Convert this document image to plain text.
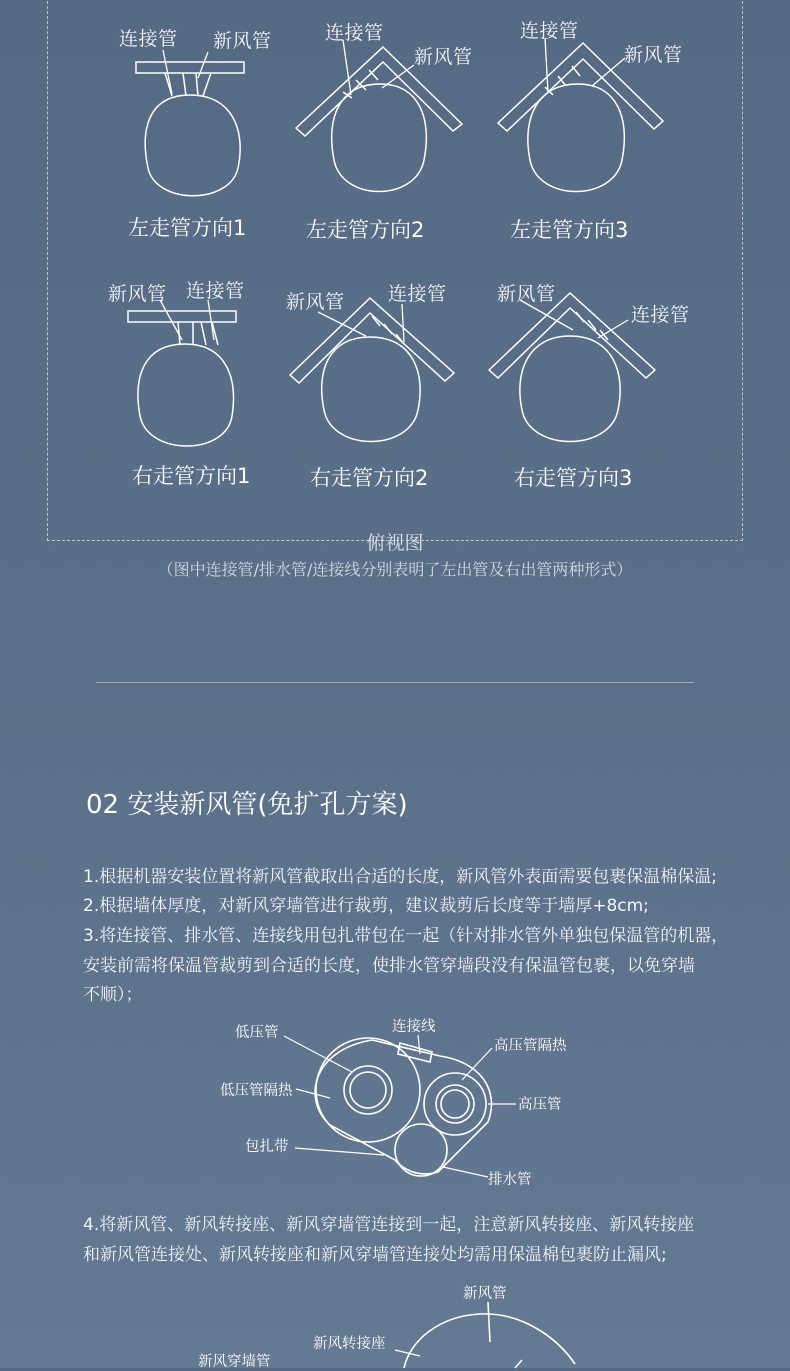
连接管 新风管
左走管方向1
连接管
新风管
左走管方向2
连接管
新风管
左走管方向3
新风管 连接管
右走管方向1
新风管 连接管
右走管方向2
新风管
连接管
右走管方向3
俯视图
（图中连接管/排水管/连接线分别表明了左出管及右出管两种形式）
02 安装新风管(免扩孔方案)
1.根据机器安装位置将新风管截取出合适的长度，新风管外表面需要包裹保温棉保温;
2.根据墙体厚度，对新风穿墙管进行裁剪，建议裁剪后长度等于墙厚+8cm;
3.将连接管、排水管、连接线用包扎带包在一起（针对排水管外单独包保温管的机器，
安装前需将保温管裁剪到合适的长度，使排水管穿墙段没有保温管包裹，以免穿墙
不顺）；
低压管	连接线
高压管隔热
低压管隔热
高压管
包扎带
排水管
4.将新风管、新风转接座、新风穿墙管连接到一起，注意新风转接座、新风转接座
和新风管连接处、新风转接座和新风穿墙管连接处均需用保温棉包裹防止漏风;
新风管
新风转接座
新风穿墙管
